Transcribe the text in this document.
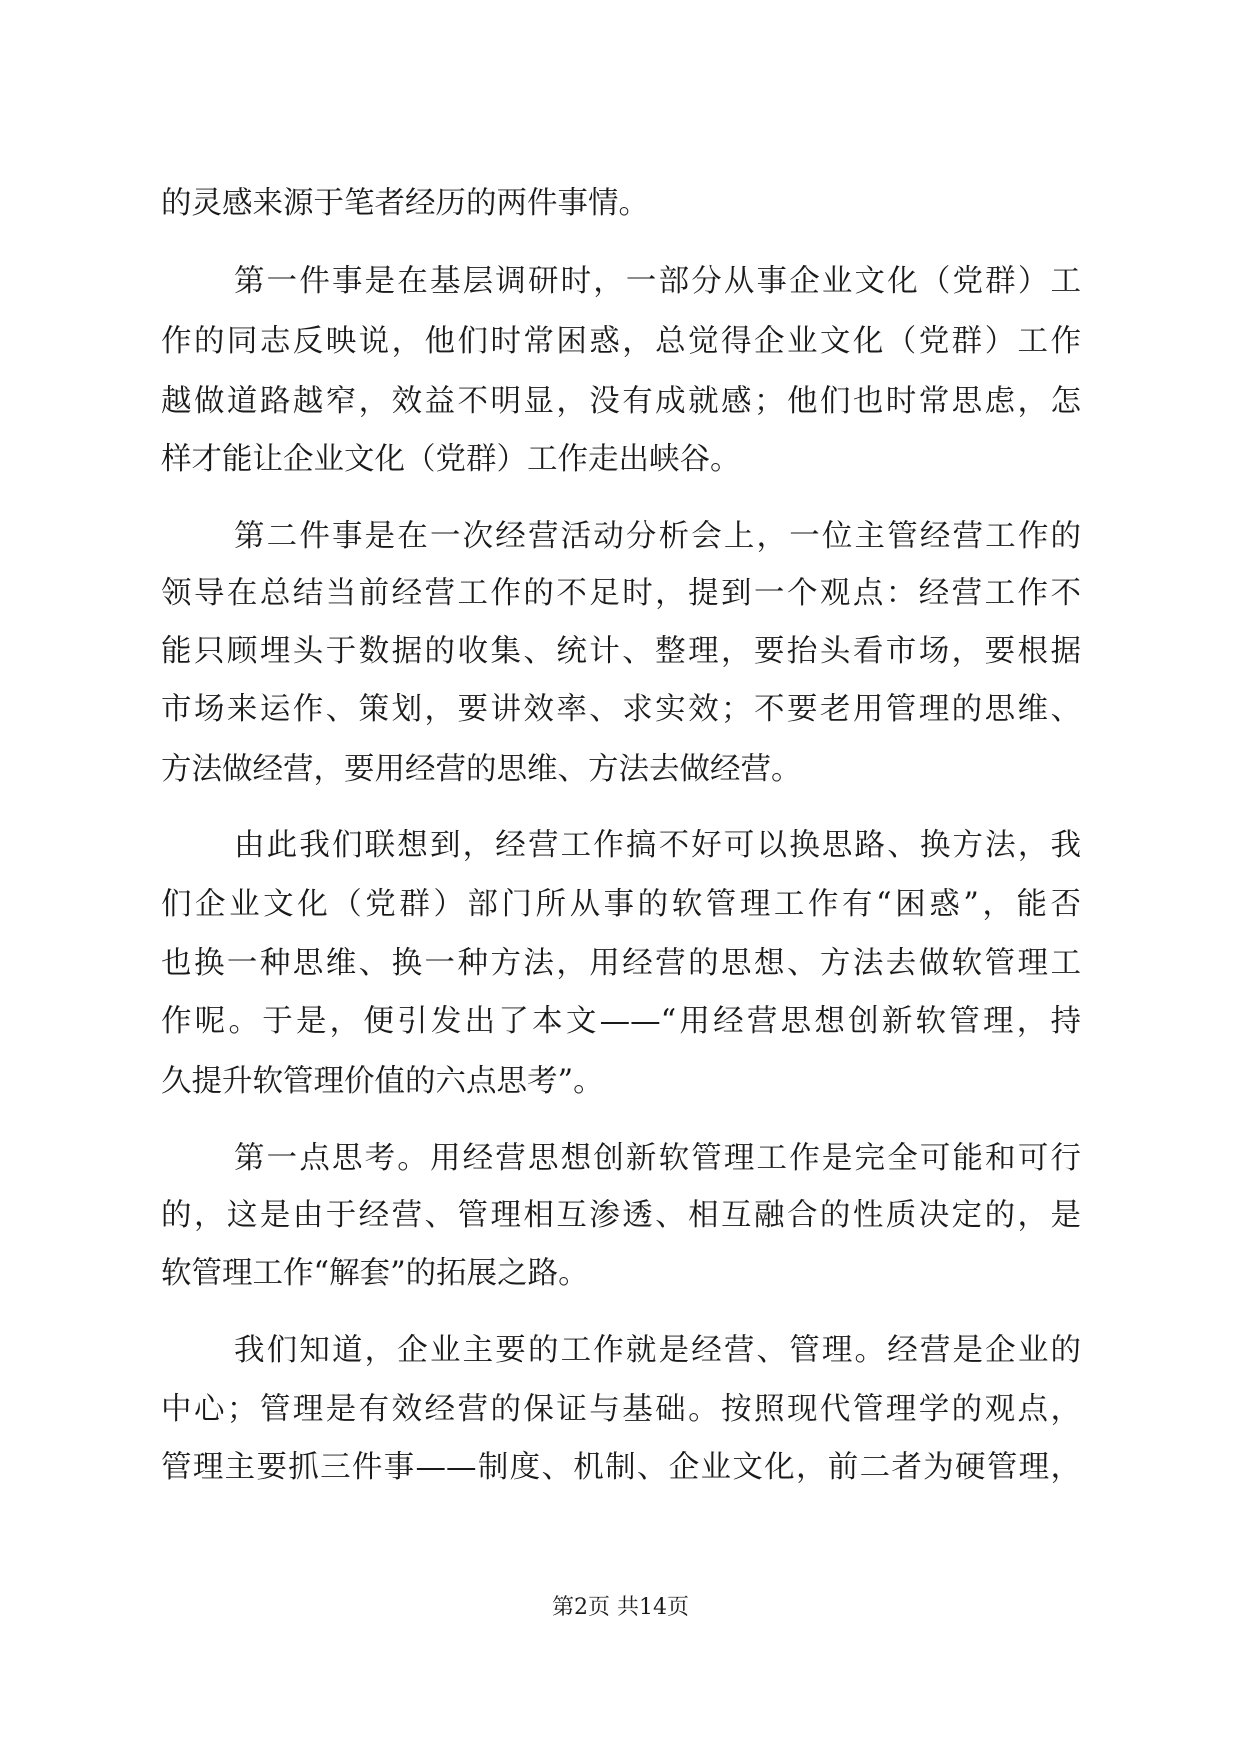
的灵感来源于笔者经历的两件事情。
第一件事是在基层调研时，一部分从事企业文化（党群）工
作的同志反映说，他们时常困惑，总觉得企业文化（党群）工作
越做道路越窄，效益不明显，没有成就感；他们也时常思虑，怎
样才能让企业文化（党群）工作走出峡谷。
第二件事是在一次经营活动分析会上，一位主管经营工作的
领导在总结当前经营工作的不足时，提到一个观点：经营工作不
能只顾埋头于数据的收集、统计、整理，要抬头看市场，要根据
市场来运作、策划，要讲效率、求实效；不要老用管理的思维、
方法做经营，要用经营的思维、方法去做经营。
由此我们联想到，经营工作搞不好可以换思路、换方法，我
们企业文化（党群）部门所从事的软管理工作有“困惑”，能否
也换一种思维、换一种方法，用经营的思想、方法去做软管理工
作呢。于是，便引发出了本文——“用经营思想创新软管理，持
久提升软管理价值的六点思考”。
第一点思考。用经营思想创新软管理工作是完全可能和可行
的，这是由于经营、管理相互渗透、相互融合的性质决定的，是
软管理工作“解套”的拓展之路。
我们知道，企业主要的工作就是经营、管理。经营是企业的
中心；管理是有效经营的保证与基础。按照现代管理学的观点，
管理主要抓三件事——制度、机制、企业文化，前二者为硬管理，
第2页 共14页
